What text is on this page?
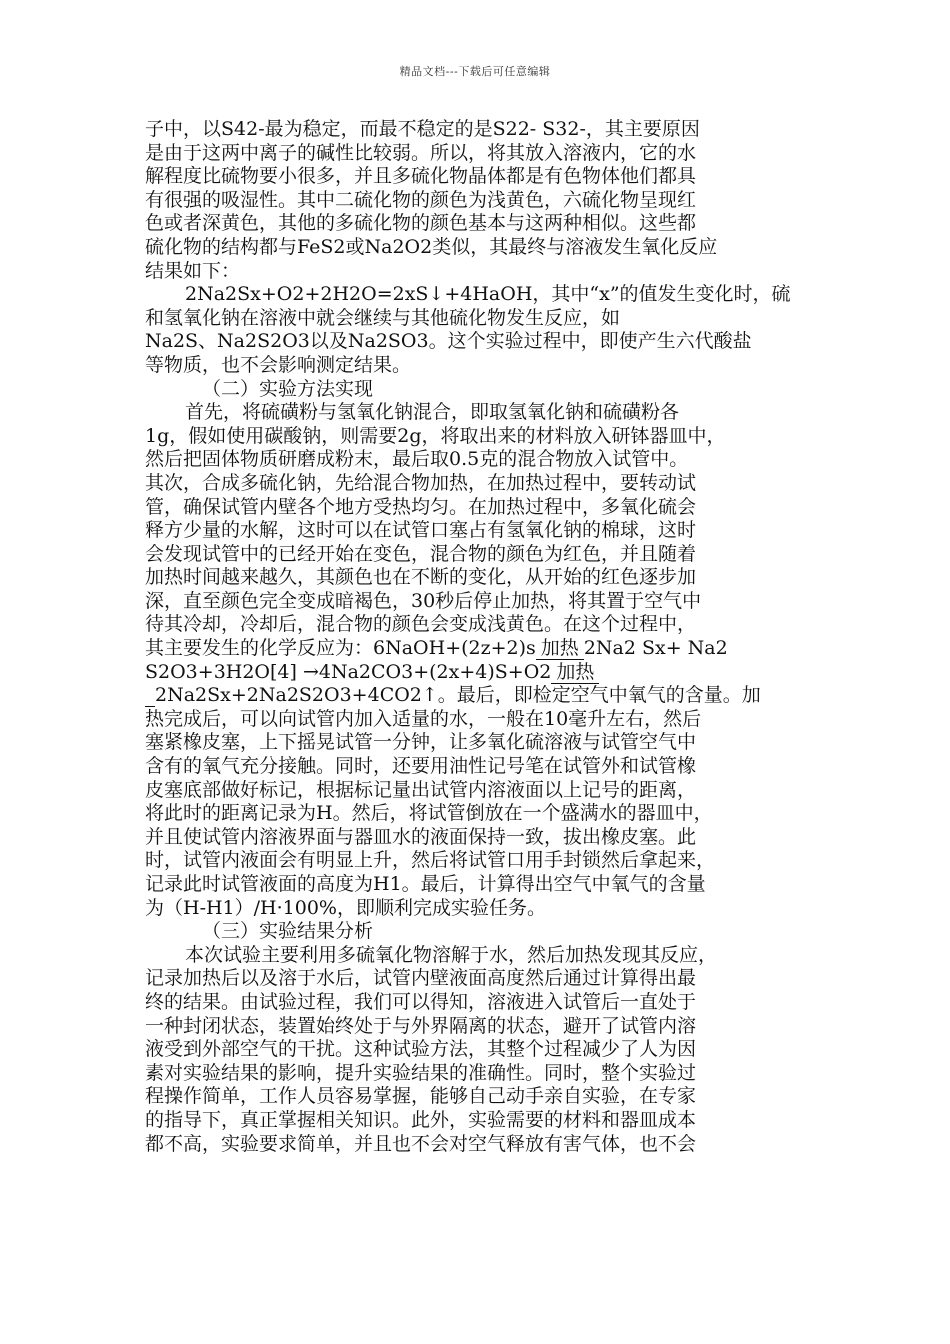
精品文档---下载后可任意编辑
子中，以S42-最为稳定，而最不稳定的是S22- S32-，其主要原因
是由于这两中离子的碱性比较弱。所以，将其放入溶液内，它的水
解程度比硫物要小很多，并且多硫化物晶体都是有色物体他们都具
有很强的吸湿性。其中二硫化物的颜色为浅黄色，六硫化物呈现红
色或者深黄色，其他的多硫化物的颜色基本与这两种相似。这些都
硫化物的结构都与FeS2或Na2O2类似，其最终与溶液发生氧化反应
结果如下：
2Na2Sx+O2+2H2O=2xS↓+4HaOH，其中“x”的值发生变化时，硫
和氢氧化钠在溶液中就会继续与其他硫化物发生反应，如
Na2S、Na2S2O3以及Na2SO3。这个实验过程中，即使产生六代酸盐
等物质，也不会影响测定结果。
（二）实验方法实现
首先，将硫磺粉与氢氧化钠混合，即取氢氧化钠和硫磺粉各
1g，假如使用碳酸钠，则需要2g，将取出来的材料放入研钵器皿中，
然后把固体物质研磨成粉末，最后取0.5克的混合物放入试管中。
其次，合成多硫化钠，先给混合物加热，在加热过程中，要转动试
管，确保试管内壁各个地方受热均匀。在加热过程中，多氧化硫会
释方少量的水解，这时可以在试管口塞占有氢氧化钠的棉球，这时
会发现试管中的已经开始在变色，混合物的颜色为红色，并且随着
加热时间越来越久，其颜色也在不断的变化，从开始的红色逐步加
深，直至颜色完全变成暗褐色，30秒后停止加热，将其置于空气中
待其冷却，冷却后，混合物的颜色会变成浅黄色。在这个过程中，
其主要发生的化学反应为：6NaOH+(2z+2)s 加热 2Na2 Sx+ Na2
S2O3+3H2O[4] →4Na2CO3+(2x+4)S+O2 加热
2Na2Sx+2Na2S2O3+4CO2↑。最后，即检定空气中氧气的含量。加
热完成后，可以向试管内加入适量的水，一般在10毫升左右，然后
塞紧橡皮塞，上下摇晃试管一分钟，让多氧化硫溶液与试管空气中
含有的氧气充分接触。同时，还要用油性记号笔在试管外和试管橡
皮塞底部做好标记，根据标记量出试管内溶液面以上记号的距离，
将此时的距离记录为H。然后，将试管倒放在一个盛满水的器皿中，
并且使试管内溶液界面与器皿水的液面保持一致，拔出橡皮塞。此
时，试管内液面会有明显上升，然后将试管口用手封锁然后拿起来，
记录此时试管液面的高度为H1。最后，计算得出空气中氧气的含量
为（H-H1）/H·100%，即顺利完成实验任务。
（三）实验结果分析
本次试验主要利用多硫氧化物溶解于水，然后加热发现其反应，
记录加热后以及溶于水后，试管内壁液面高度然后通过计算得出最
终的结果。由试验过程，我们可以得知，溶液进入试管后一直处于
一种封闭状态，装置始终处于与外界隔离的状态，避开了试管内溶
液受到外部空气的干扰。这种试验方法，其整个过程减少了人为因
素对实验结果的影响，提升实验结果的准确性。同时，整个实验过
程操作简单，工作人员容易掌握，能够自己动手亲自实验，在专家
的指导下，真正掌握相关知识。此外，实验需要的材料和器皿成本
都不高，实验要求简单，并且也不会对空气释放有害气体，也不会
